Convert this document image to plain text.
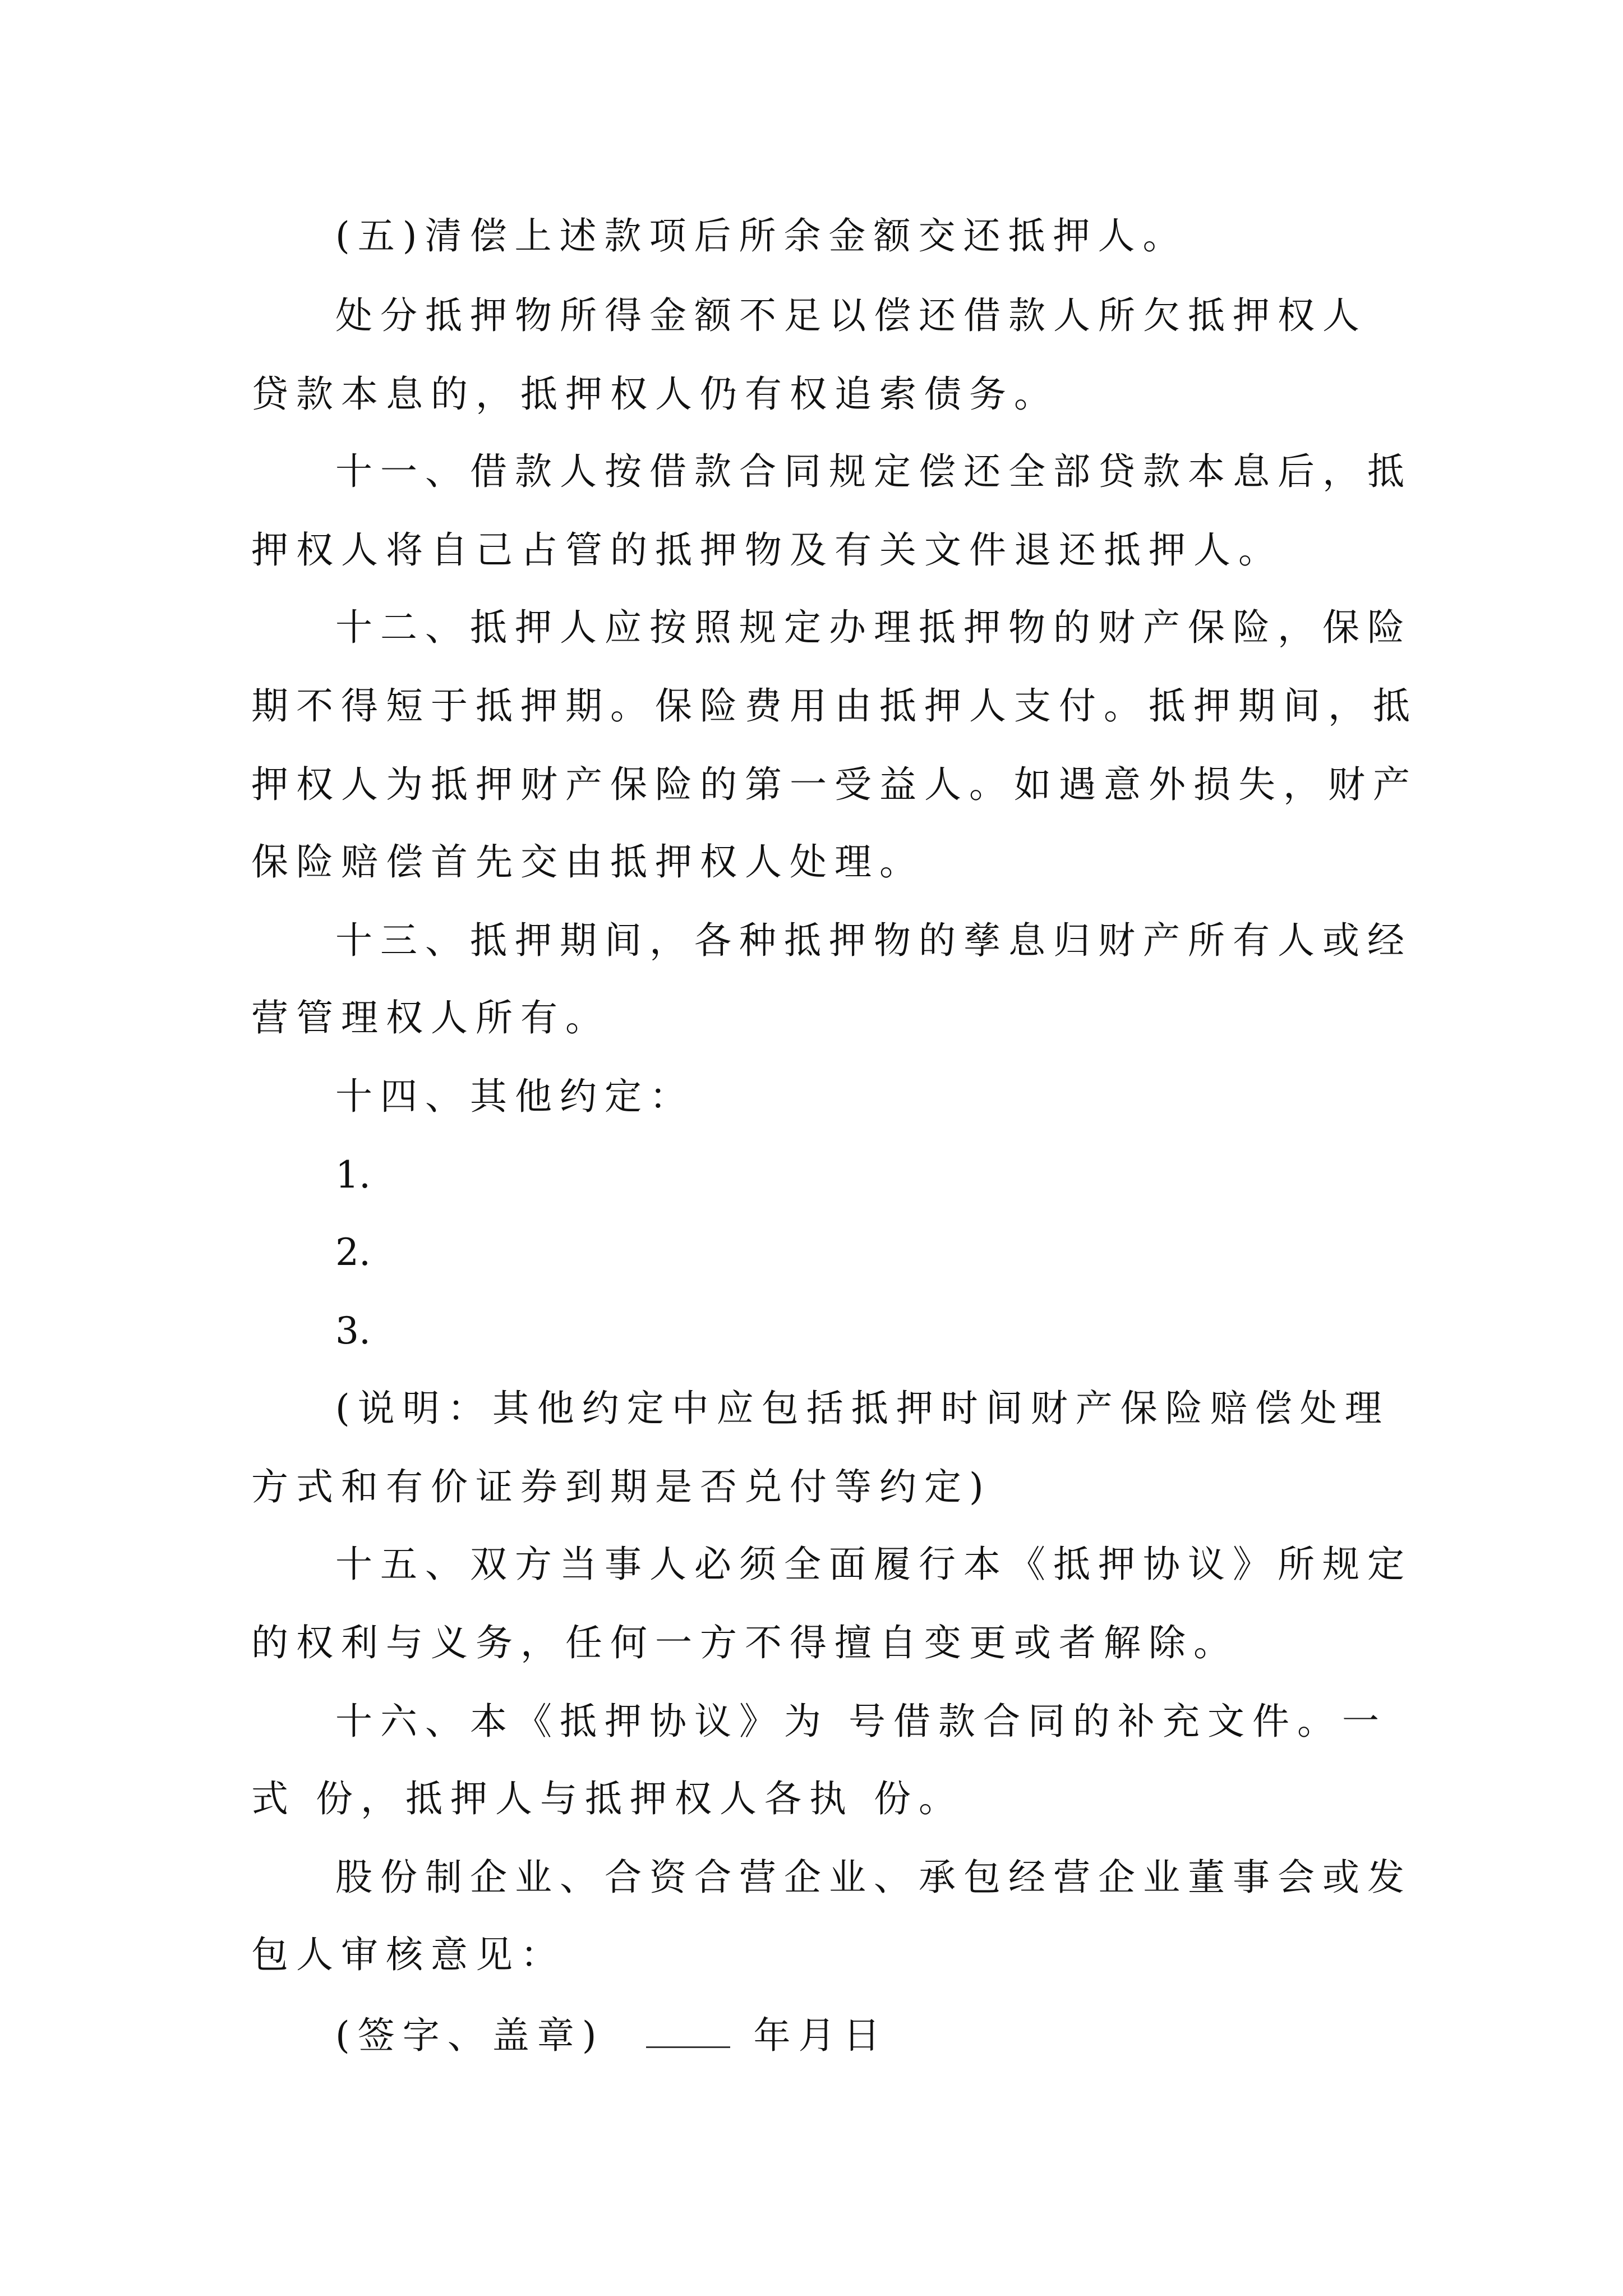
(五)清偿上述款项后所余金额交还抵押人。
处分抵押物所得金额不足以偿还借款人所欠抵押权人
贷款本息的，抵押权人仍有权追索债务。
十一、借款人按借款合同规定偿还全部贷款本息后，抵
押权人将自己占管的抵押物及有关文件退还抵押人。
十二、抵押人应按照规定办理抵押物的财产保险，保险
期不得短于抵押期。保险费用由抵押人支付。抵押期间，抵
押权人为抵押财产保险的第一受益人。如遇意外损失，财产
保险赔偿首先交由抵押权人处理。
十三、抵押期间，各种抵押物的孳息归财产所有人或经
营管理权人所有。
十四、其他约定：
1.
2.
3.
(说明：其他约定中应包括抵押时间财产保险赔偿处理
方式和有价证券到期是否兑付等约定)
十五、双方当事人必须全面履行本《抵押协议》所规定
的权利与义务，任何一方不得擅自变更或者解除。
十六、本《抵押协议》为 号借款合同的补充文件。一
式 份，抵押人与抵押权人各执 份。
股份制企业、合资合营企业、承包经营企业董事会或发
包人审核意见：
(签字、盖章)	年月日
